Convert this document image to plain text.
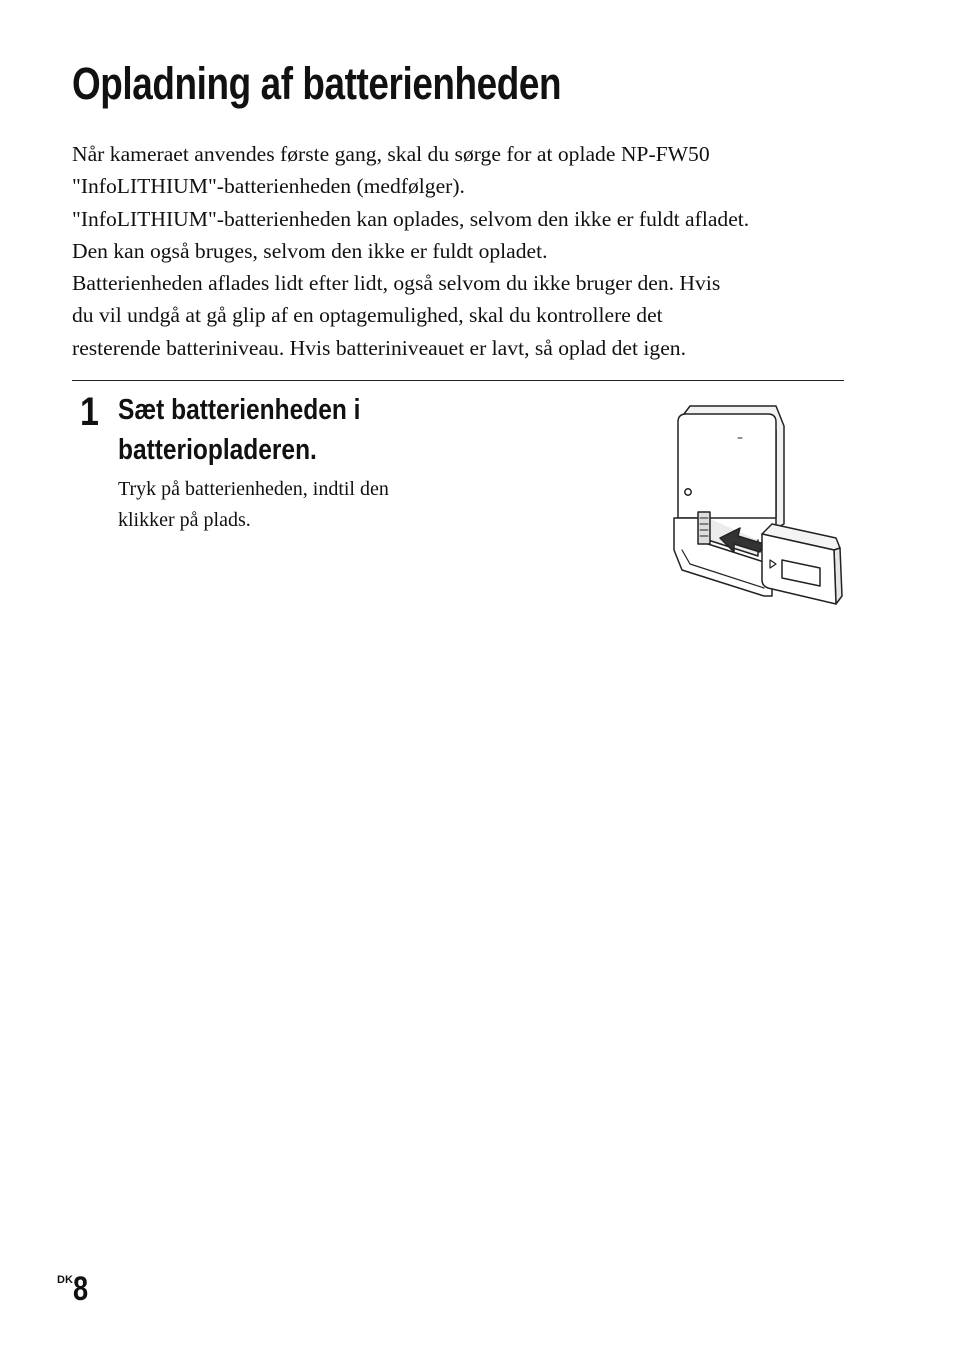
Opladning af batterienheden
Når kameraet anvendes første gang, skal du sørge for at oplade NP-FW50
"InfoLITHIUM"-batterienheden (medfølger).
"InfoLITHIUM"-batterienheden kan oplades, selvom den ikke er fuldt afladet.
Den kan også bruges, selvom den ikke er fuldt opladet.
Batterienheden aflades lidt efter lidt, også selvom du ikke bruger den. Hvis
du vil undgå at gå glip af en optagemulighed, skal du kontrollere det
resterende batteriniveau. Hvis batteriniveauet er lavt, så oplad det igen.
1 Sæt batterienheden i
batteriopladeren.
Tryk på batterienheden, indtil den
klikker på plads.
$^{DK}$8
